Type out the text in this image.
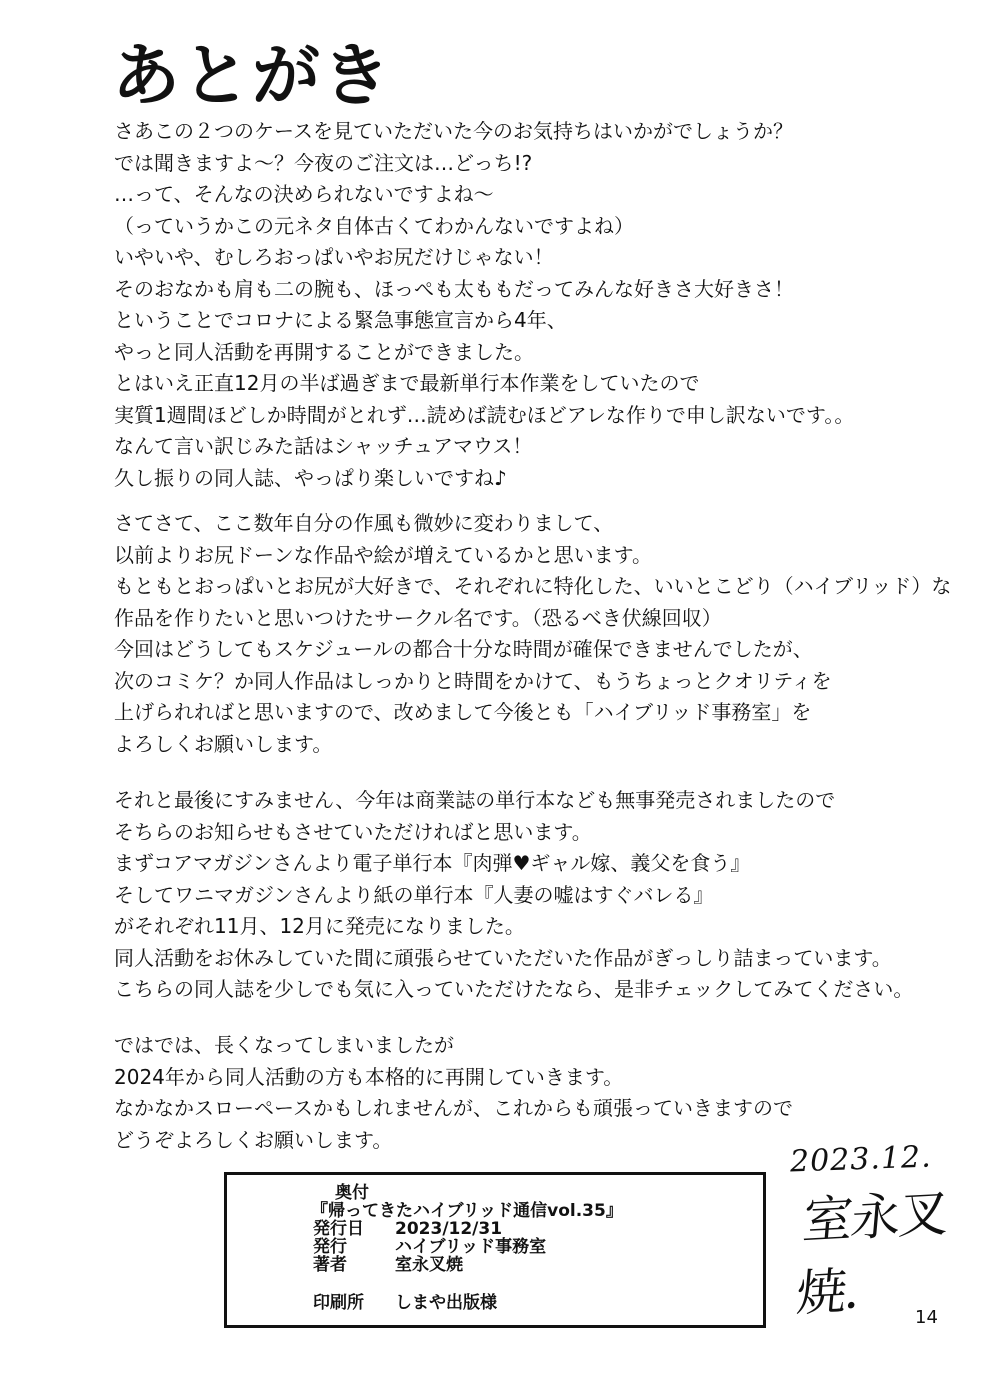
あとがき
さあこの２つのケースを見ていただいた今のお気持ちはいかがでしょうか？
では聞きますよ～？今夜のご注文は…どっち!?
…って、そんなの決められないですよね～
（っていうかこの元ネタ自体古くてわかんないですよね）
いやいや、むしろおっぱいやお尻だけじゃない！
そのおなかも肩も二の腕も、ほっぺも太ももだってみんな好きさ大好きさ！
ということでコロナによる緊急事態宣言から4年、
やっと同人活動を再開することができました。
とはいえ正直12月の半ば過ぎまで最新単行本作業をしていたので
実質1週間ほどしか時間がとれず…読めば読むほどアレな作りで申し訳ないです。。
なんて言い訳じみた話はシャッチュアマウス！
久し振りの同人誌、やっぱり楽しいですね♪
さてさて、ここ数年自分の作風も微妙に変わりまして、
以前よりお尻ドーンな作品や絵が増えているかと思います。
もともとおっぱいとお尻が大好きで、それぞれに特化した、いいとこどり（ハイブリッド）な
作品を作りたいと思いつけたサークル名です。（恐るべき伏線回収）
今回はどうしてもスケジュールの都合十分な時間が確保できませんでしたが、
次のコミケ？か同人作品はしっかりと時間をかけて、もうちょっとクオリティを
上げられればと思いますので、改めまして今後とも「ハイブリッド事務室」を
よろしくお願いします。
それと最後にすみません、今年は商業誌の単行本なども無事発売されましたので
そちらのお知らせもさせていただければと思います。
まずコアマガジンさんより電子単行本『肉弾♥ギャル嫁、義父を食う』
そしてワニマガジンさんより紙の単行本『人妻の嘘はすぐバレる』
がそれぞれ11月、12月に発売になりました。
同人活動をお休みしていた間に頑張らせていただいた作品がぎっしり詰まっています。
こちらの同人誌を少しでも気に入っていただけたなら、是非チェックしてみてください。
ではでは、長くなってしまいましたが
2024年から同人活動の方も本格的に再開していきます。
なかなかスローペースかもしれませんが、これからも頑張っていきますので
どうぞよろしくお願いします。
2023.12.
室永叉焼.
奥付
『帰ってきたハイブリッド通信vol.35』
発行日 2023/12/31
発行	ハイブリッド事務室
著者	室永叉焼
印刷所 しまや出版様
14
